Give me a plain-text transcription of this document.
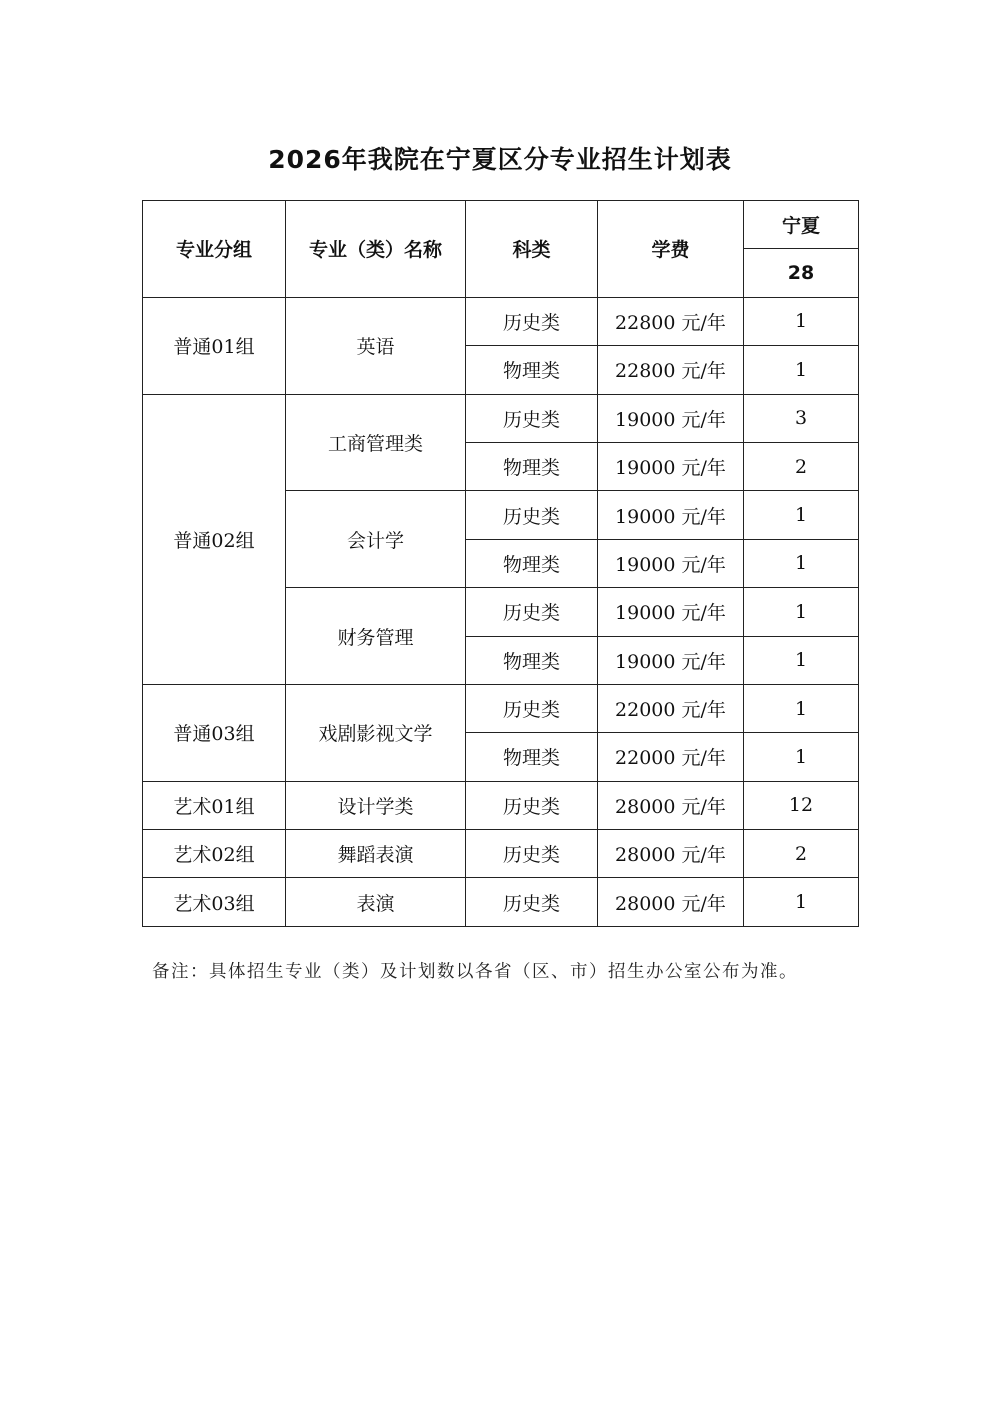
2026年我院在宁夏区分专业招生计划表
专业分组	专业（类）名称	科类	学费	宁夏
				28
普通01组	英语	历史类	22800 元/年	1
		物理类	22800 元/年	1
普通02组	工商管理类	历史类	19000 元/年	3
		物理类	19000 元/年	2
	会计学	历史类	19000 元/年	1
		物理类	19000 元/年	1
	财务管理	历史类	19000 元/年	1
		物理类	19000 元/年	1
普通03组	戏剧影视文学	历史类	22000 元/年	1
		物理类	22000 元/年	1
艺术01组	设计学类	历史类	28000 元/年	12
艺术02组	舞蹈表演	历史类	28000 元/年	2
艺术03组	表演	历史类	28000 元/年	1
备注：具体招生专业（类）及计划数以各省（区、市）招生办公室公布为准。
